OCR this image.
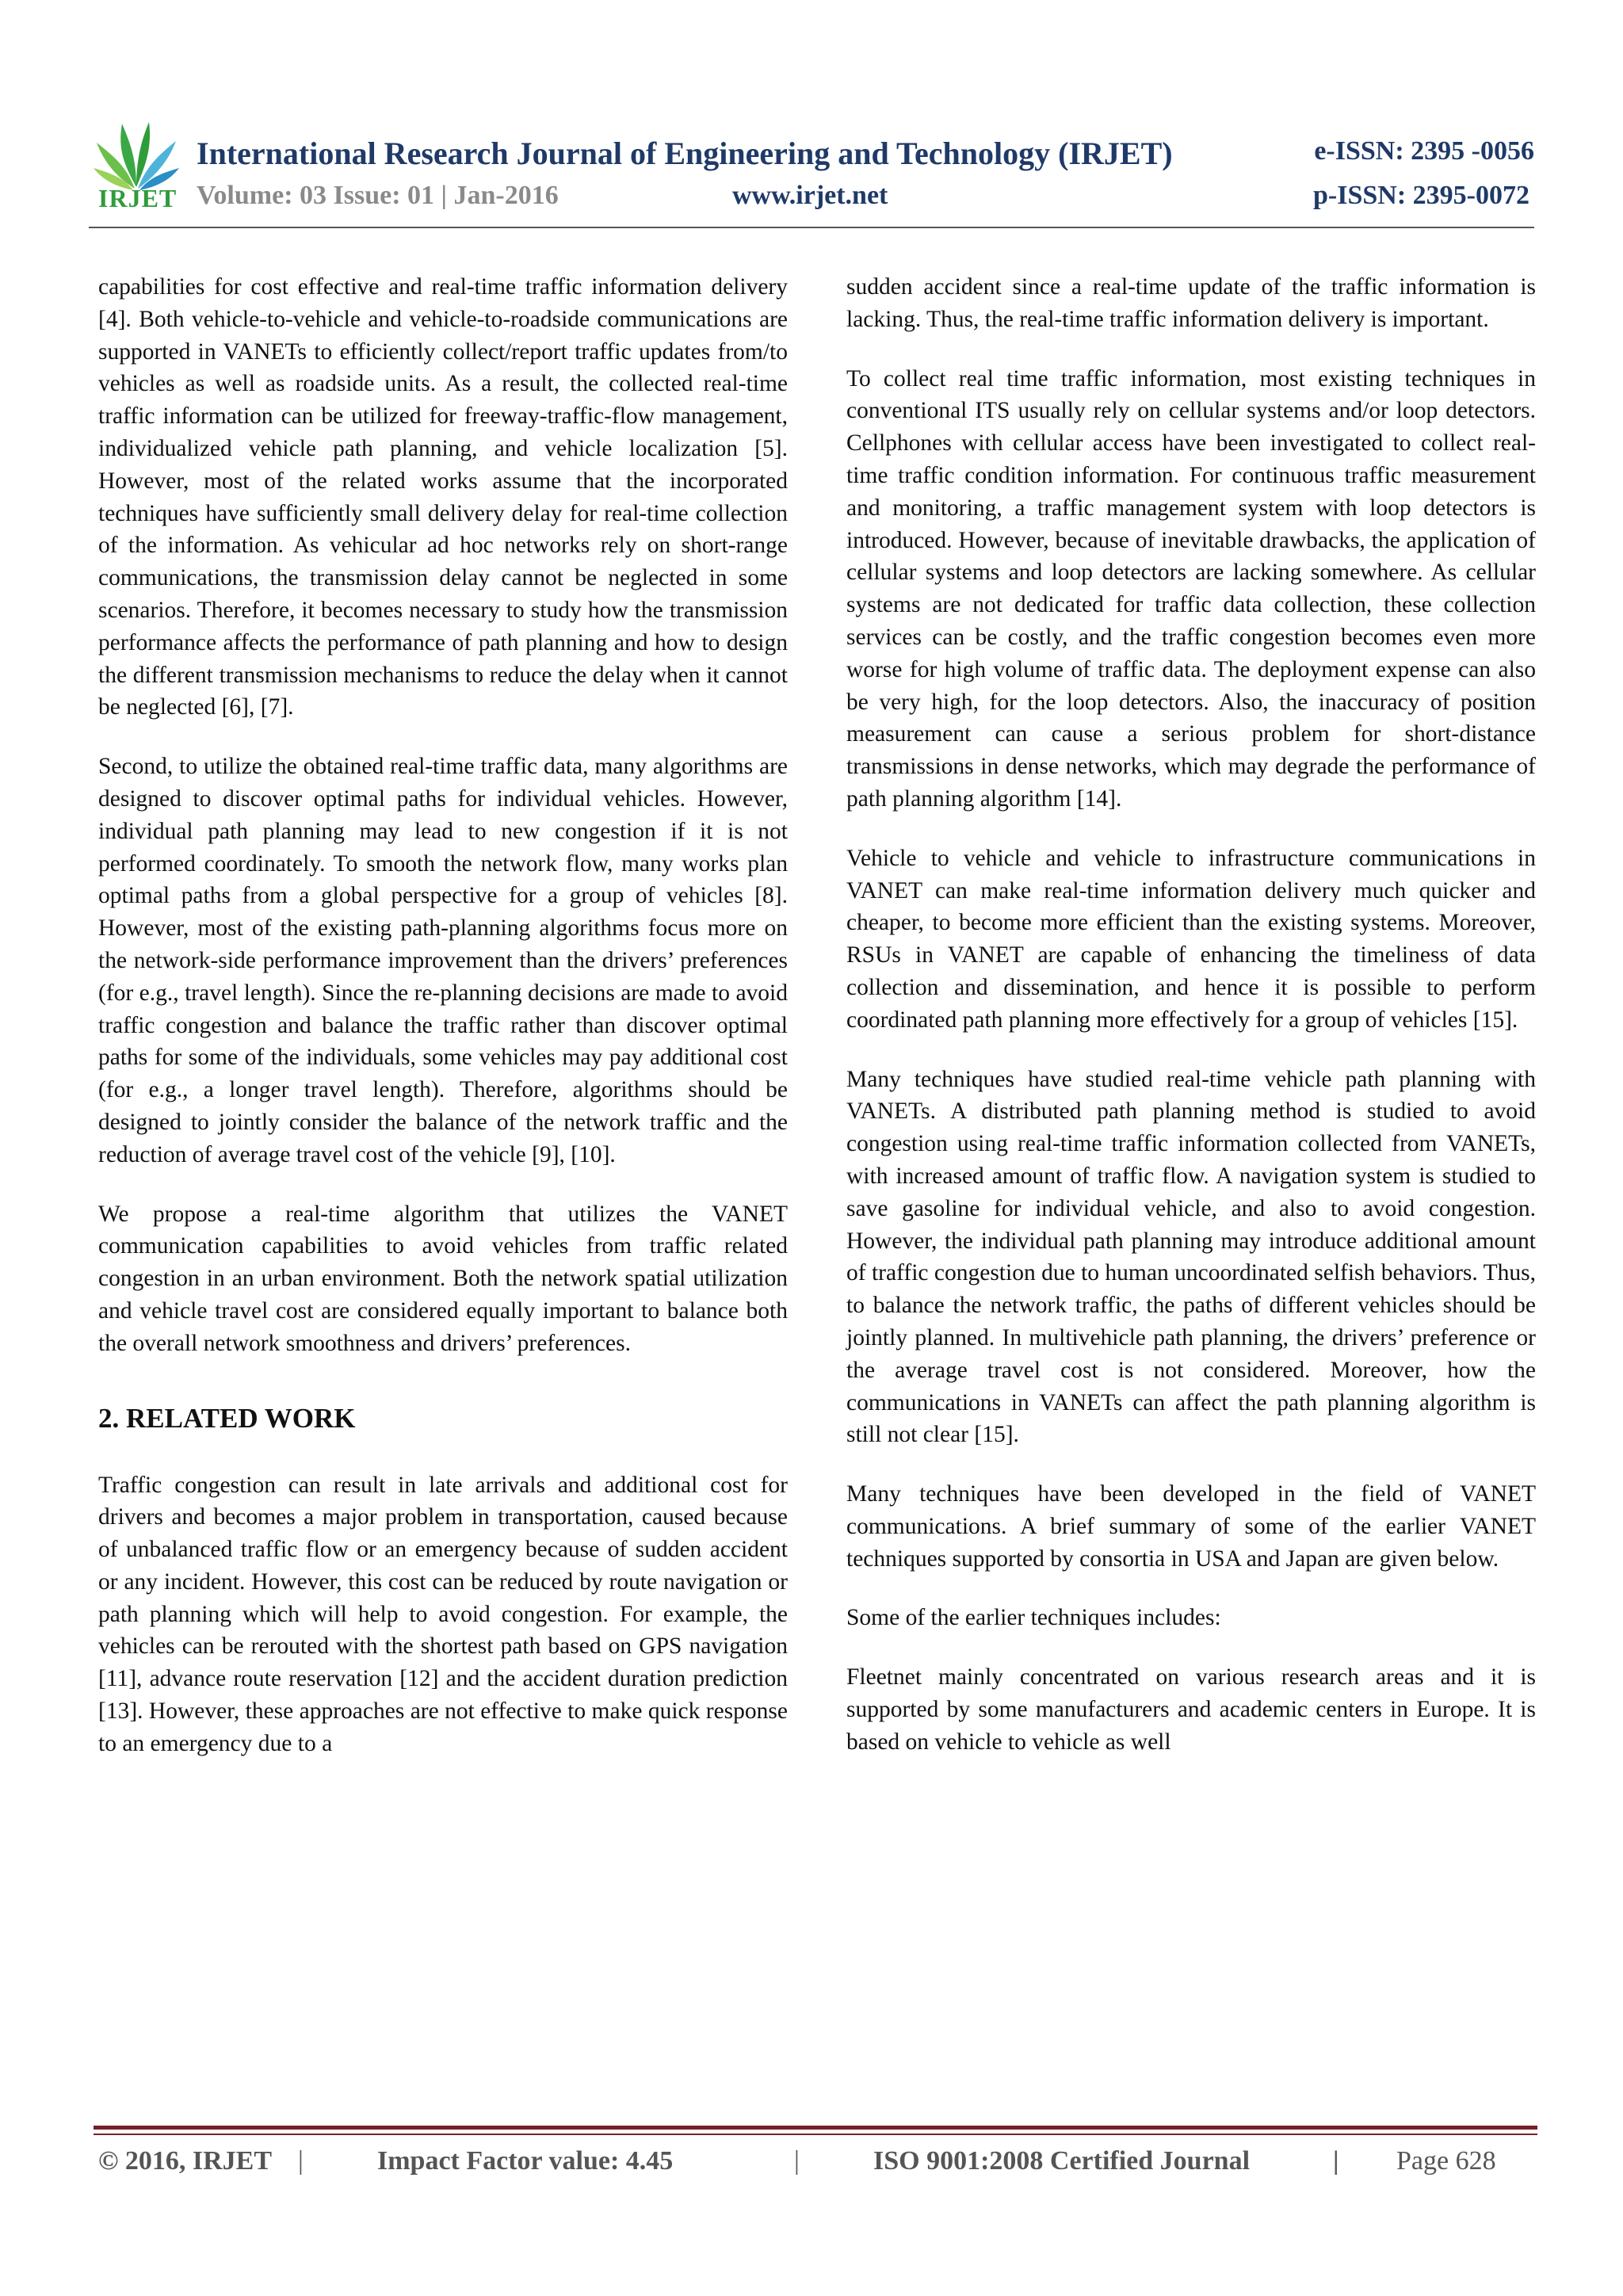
IRJET
International Research Journal of Engineering and Technology (IRJET)	e-ISSN: 2395 -0056
Volume: 03 Issue: 01 | Jan-2016	www.irjet.net	p-ISSN: 2395-0072

capabilities for cost effective and real-time traffic information delivery [4]. Both vehicle-to-vehicle and vehicle-to-roadside communications are supported in VANETs to efficiently collect/report traffic updates from/to vehicles as well as roadside units. As a result, the collected real-time traffic information can be utilized for freeway-traffic-flow management, individualized vehicle path planning, and vehicle localization [5]. However, most of the related works assume that the incorporated techniques have sufficiently small delivery delay for real-time collection of the information. As vehicular ad hoc networks rely on short-range communications, the transmission delay cannot be neglected in some scenarios. Therefore, it becomes necessary to study how the transmission performance affects the performance of path planning and how to design the different transmission mechanisms to reduce the delay when it cannot be neglected [6], [7].

Second, to utilize the obtained real-time traffic data, many algorithms are designed to discover optimal paths for individual vehicles. However, individual path planning may lead to new congestion if it is not performed coordinately. To smooth the network flow, many works plan optimal paths from a global perspective for a group of vehicles [8]. However, most of the existing path-planning algorithms focus more on the network-side performance improvement than the drivers’ preferences (for e.g., travel length). Since the re-planning decisions are made to avoid traffic congestion and balance the traffic rather than discover optimal paths for some of the individuals, some vehicles may pay additional cost (for e.g., a longer travel length). Therefore, algorithms should be designed to jointly consider the balance of the network traffic and the reduction of average travel cost of the vehicle [9], [10].

We propose a real-time algorithm that utilizes the VANET communication capabilities to avoid vehicles from traffic related congestion in an urban environment. Both the network spatial utilization and vehicle travel cost are considered equally important to balance both the overall network smoothness and drivers’ preferences.

2. RELATED WORK

Traffic congestion can result in late arrivals and additional cost for drivers and becomes a major problem in transportation, caused because of unbalanced traffic flow or an emergency because of sudden accident or any incident. However, this cost can be reduced by route navigation or path planning which will help to avoid congestion. For example, the vehicles can be rerouted with the shortest path based on GPS navigation [11], advance route reservation [12] and the accident duration prediction [13]. However, these approaches are not effective to make quick response to an emergency due to a

sudden accident since a real-time update of the traffic information is lacking. Thus, the real-time traffic information delivery is important.

To collect real time traffic information, most existing techniques in conventional ITS usually rely on cellular systems and/or loop detectors. Cellphones with cellular access have been investigated to collect real-time traffic condition information. For continuous traffic measurement and monitoring, a traffic management system with loop detectors is introduced. However, because of inevitable drawbacks, the application of cellular systems and loop detectors are lacking somewhere. As cellular systems are not dedicated for traffic data collection, these collection services can be costly, and the traffic congestion becomes even more worse for high volume of traffic data. The deployment expense can also be very high, for the loop detectors. Also, the inaccuracy of position measurement can cause a serious problem for short-distance transmissions in dense networks, which may degrade the performance of path planning algorithm [14].

Vehicle to vehicle and vehicle to infrastructure communications in VANET can make real-time information delivery much quicker and cheaper, to become more efficient than the existing systems. Moreover, RSUs in VANET are capable of enhancing the timeliness of data collection and dissemination, and hence it is possible to perform coordinated path planning more effectively for a group of vehicles [15].

Many techniques have studied real-time vehicle path planning with VANETs. A distributed path planning method is studied to avoid congestion using real-time traffic information collected from VANETs, with increased amount of traffic flow. A navigation system is studied to save gasoline for individual vehicle, and also to avoid congestion. However, the individual path planning may introduce additional amount of traffic congestion due to human uncoordinated selfish behaviors. Thus, to balance the network traffic, the paths of different vehicles should be jointly planned. In multivehicle path planning, the drivers’ preference or the average travel cost is not considered. Moreover, how the communications in VANETs can affect the path planning algorithm is still not clear [15].

Many techniques have been developed in the field of VANET communications. A brief summary of some of the earlier VANET techniques supported by consortia in USA and Japan are given below.

Some of the earlier techniques includes:

Fleetnet mainly concentrated on various research areas and it is supported by some manufacturers and academic centers in Europe. It is based on vehicle to vehicle as well

© 2016, IRJET |	Impact Factor value: 4.45	|	ISO 9001:2008 Certified Journal	| Page 628
